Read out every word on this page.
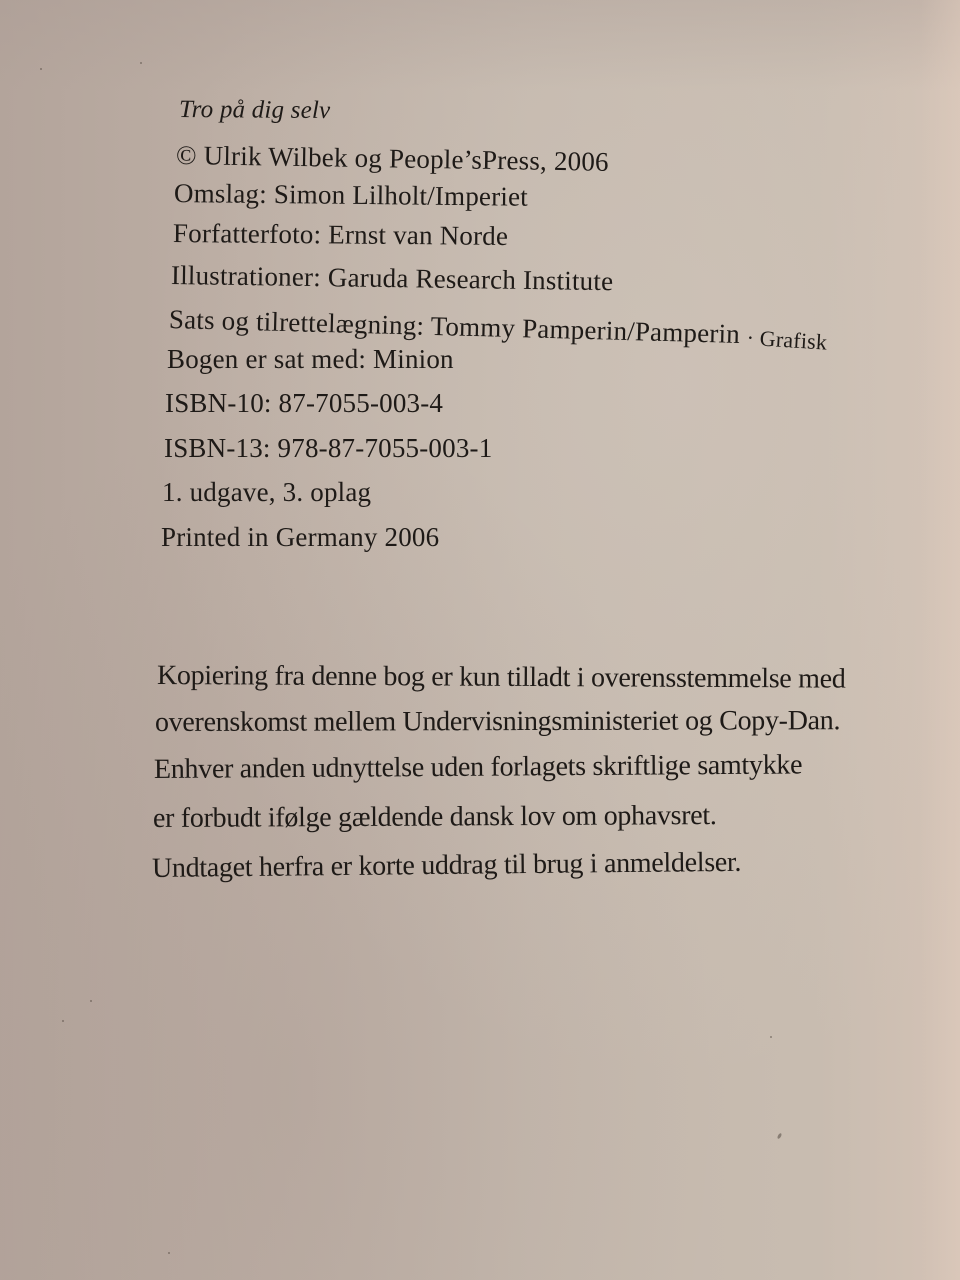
Tro på dig selv
© Ulrik Wilbek og People’sPress, 2006
Omslag: Simon Lilholt/Imperiet
Forfatterfoto: Ernst van Norde
Illustrationer: Garuda Research Institute
Sats og tilrettelægning: Tommy Pamperin/Pamperin · Grafisk
Bogen er sat med: Minion
ISBN-10: 87-7055-003-4
ISBN-13: 978-87-7055-003-1
1. udgave, 3. oplag
Printed in Germany 2006
Kopiering fra denne bog er kun tilladt i overensstemmelse med
overenskomst mellem Undervisningsministeriet og Copy-Dan.
Enhver anden udnyttelse uden forlagets skriftlige samtykke
er forbudt ifølge gældende dansk lov om ophavsret.
Undtaget herfra er korte uddrag til brug i anmeldelser.
